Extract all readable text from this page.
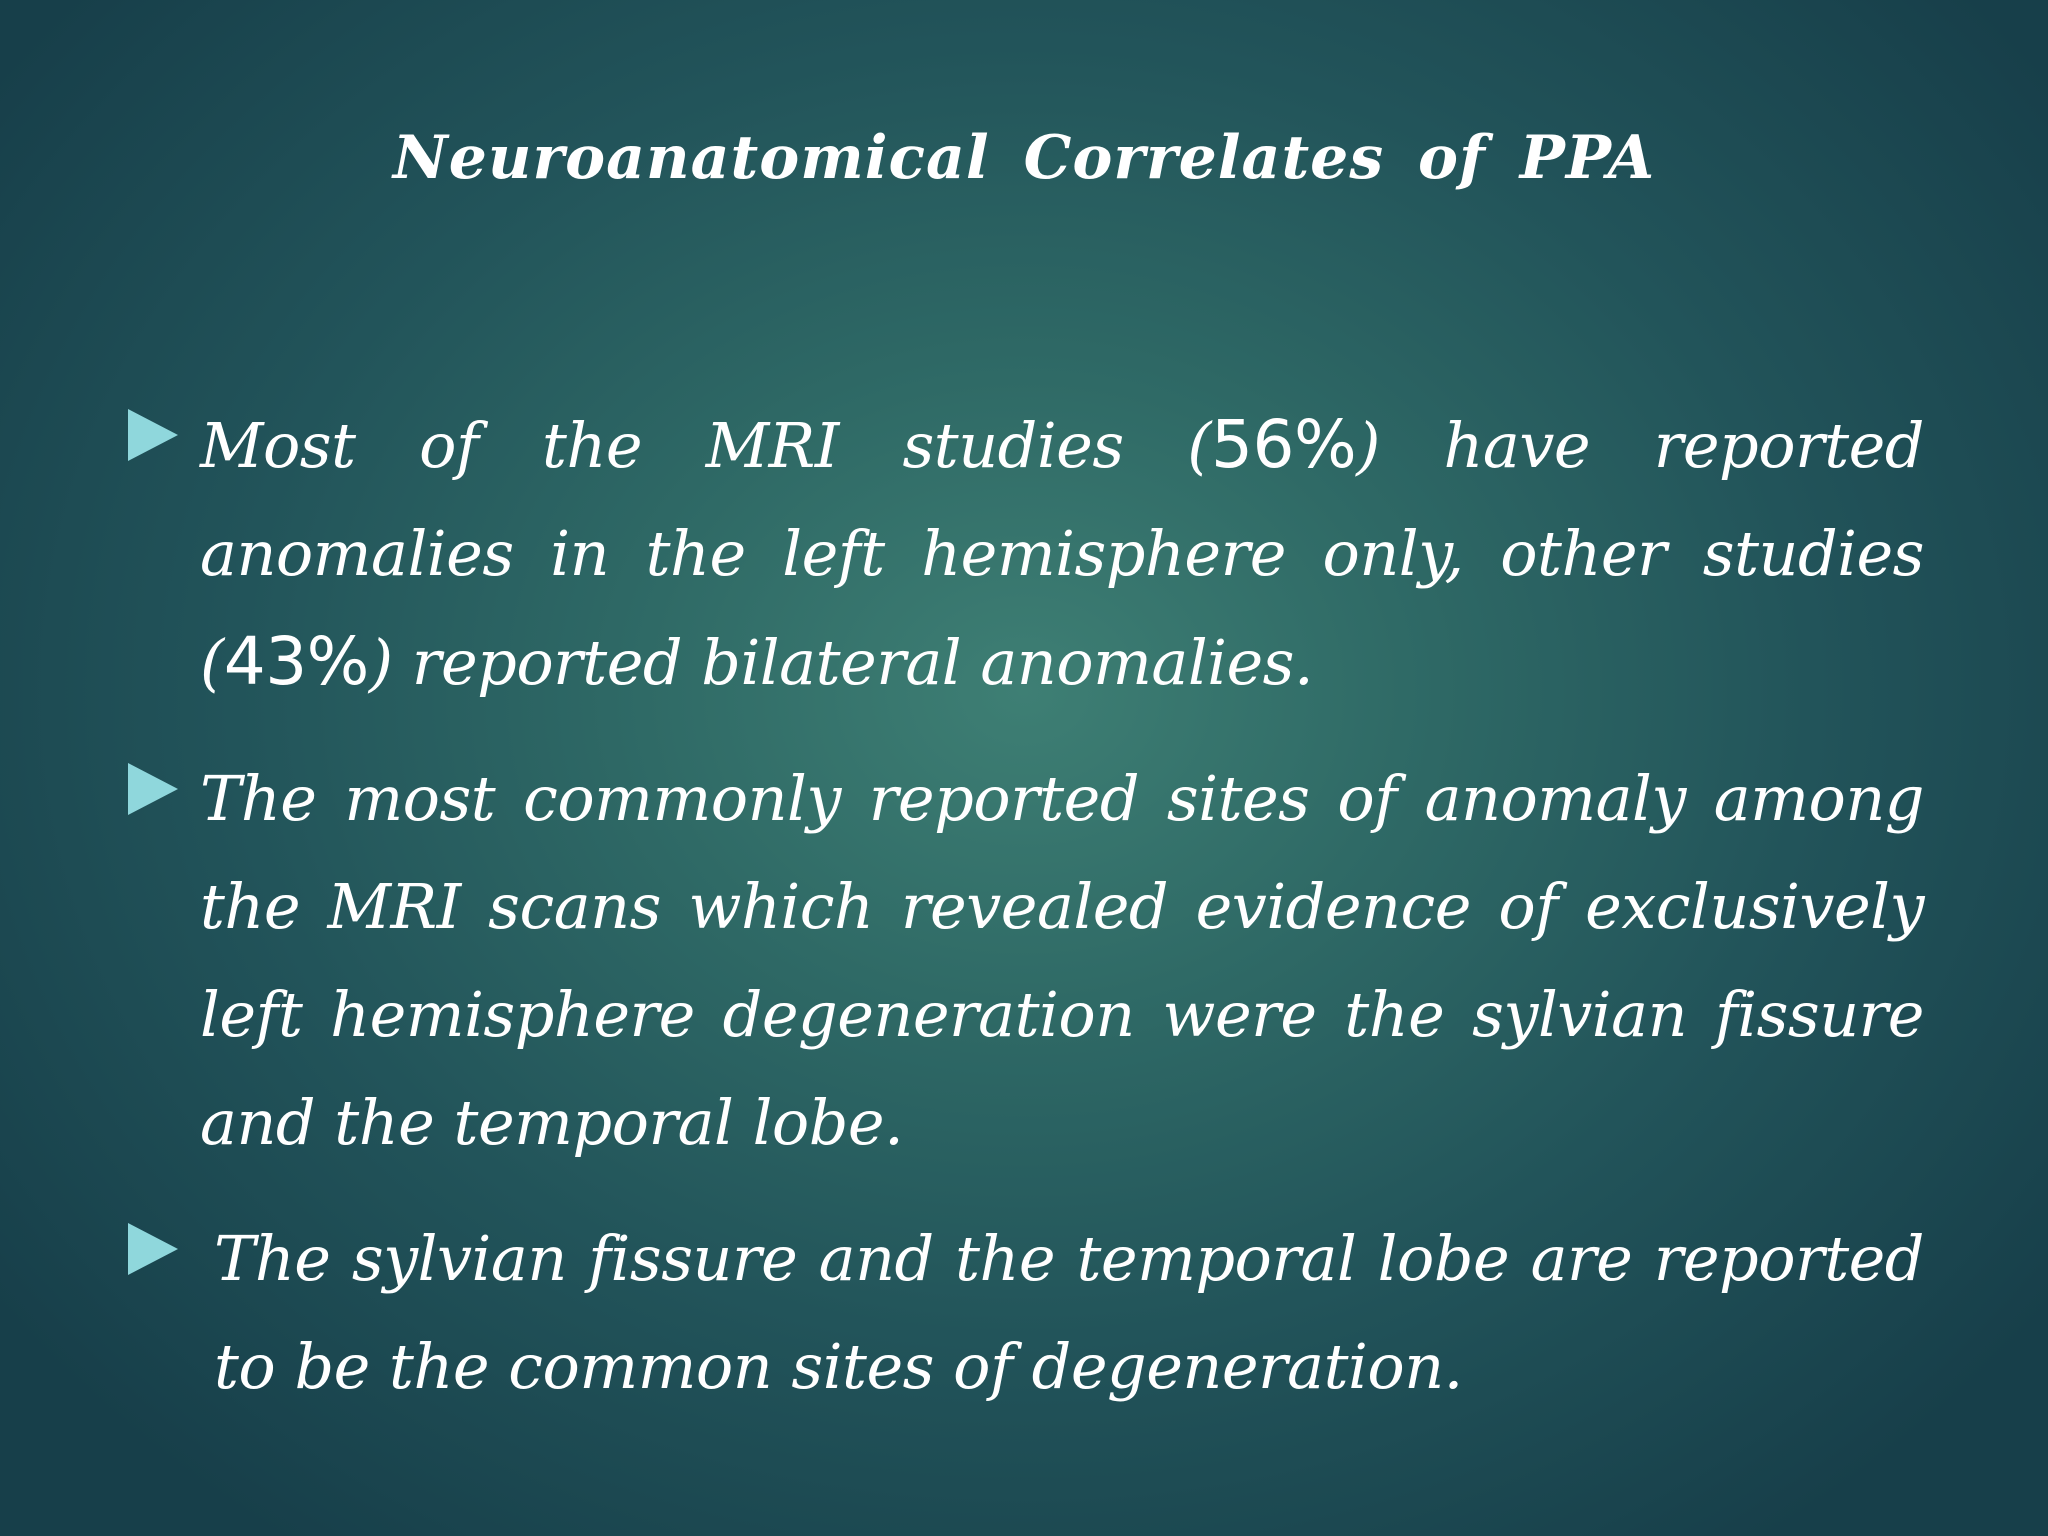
Neuroanatomical Correlates of PPA
Most of the MRI studies (56%) have reported anomalies in the left hemisphere only, other studies (43%) reported bilateral anomalies.
The most commonly reported sites of anomaly among the MRI scans which revealed evidence of exclusively left hemisphere degeneration were the sylvian fissure and the temporal lobe.
The sylvian fissure and the temporal lobe are reported to be the common sites of degeneration.
